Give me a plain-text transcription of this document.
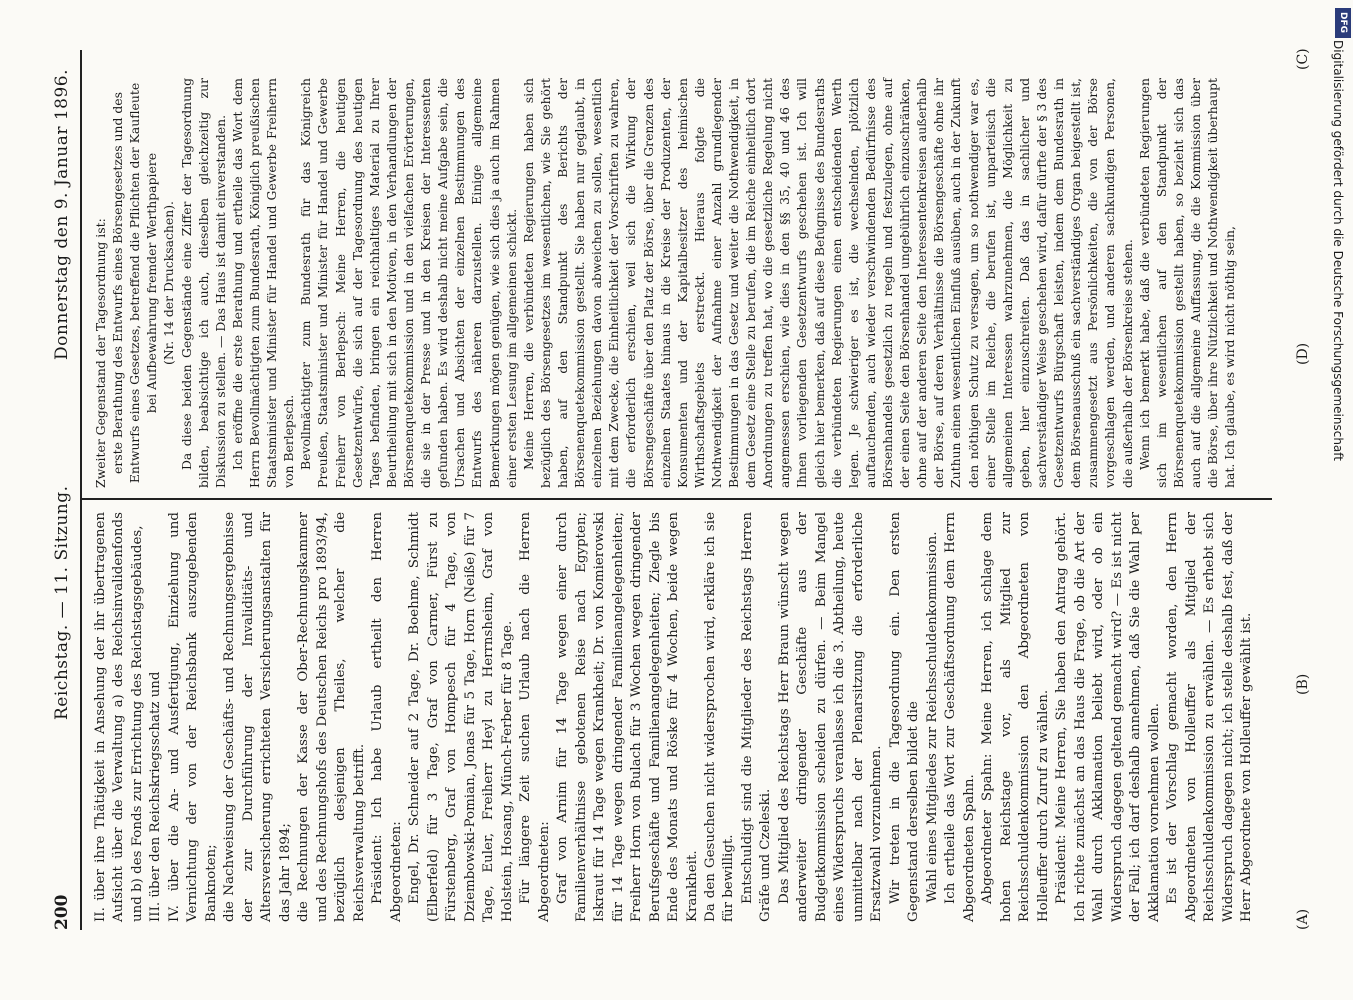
200
Reichstag. — 11. Sitzung.
Donnerstag den 9. Januar 1896.
(A)
(B)
(C)
(D)

II. über ihre Thätigkeit in Ansehung der ihr übertragenen Aufsicht über die Verwaltung a) des Reichsinvalidenfonds und b) des Fonds zur Errichtung des Reichstagsgebäudes, III. über den Reichskriegsschatz und IV. über die An- und Ausfertigung, Einziehung und Vernichtung der von der Reichsbank auszugebenden Banknoten; die Nachweisung der Geschäfts- und Rechnungsergebnisse der zur Durchführung der Invaliditäts- und Altersversicherung errichteten Versicherungsanstalten für das Jahr 1894; die Rechnungen der Kasse der Ober-Rechnungskammer und des Rechnungshofs des Deutschen Reichs pro 1893/94, bezüglich desjenigen Theiles, welcher die Reichsverwaltung betrifft. Präsident: Ich habe Urlaub ertheilt den Herren Abgeordneten: Engel, Dr. Schneider auf 2 Tage, Dr. Boehme, Schmidt (Elberfeld) für 3 Tage, Graf von Carmer, Fürst zu Fürstenberg, Graf von Hompesch für 4 Tage, von Dziembowski-Pomian, Jonas für 5 Tage, Horn (Neiße) für 7 Tage, Euler, Freiherr Heyl zu Herrnsheim, Graf von Holstein, Hosang, Münch-Ferber für 8 Tage. Für längere Zeit suchen Urlaub nach die Herren Abgeordneten: Graf von Arnim für 14 Tage wegen einer durch Familienverhältnisse gebotenen Reise nach Egypten; Iskraut für 14 Tage wegen Krankheit; Dr. von Komierowski für 14 Tage wegen dringender Familienangelegenheiten; Freiherr Horn von Bulach für 3 Wochen wegen dringender Berufsgeschäfte und Familienangelegenheiten; Ziegle bis Ende des Monats und Röske für 4 Wochen, beide wegen Krankheit. Da den Gesuchen nicht widersprochen wird, erkläre ich sie für bewilligt. Entschuldigt sind die Mitglieder des Reichstags Herren Gräfe und Czeleski. Das Mitglied des Reichstags Herr Braun wünscht wegen anderweiter dringender Geschäfte aus der Budgetkommission scheiden zu dürfen. — Beim Mangel eines Widerspruchs veranlasse ich die 3. Abtheilung, heute unmittelbar nach der Plenarsitzung die erforderliche Ersatzwahl vorzunehmen. Wir treten in die Tagesordnung ein. Den ersten Gegenstand derselben bildet die Wahl eines Mitgliedes zur Reichsschuldenkommission. Ich ertheile das Wort zur Geschäftsordnung dem Herrn Abgeordneten Spahn. Abgeordneter Spahn: Meine Herren, ich schlage dem hohen Reichstage vor, als Mitglied zur Reichsschuldenkommission den Abgeordneten von Holleuffer durch Zuruf zu wählen. Präsident: Meine Herren, Sie haben den Antrag gehört. Ich richte zunächst an das Haus die Frage, ob die Art der Wahl durch Akklamation beliebt wird, oder ob ein Widerspruch dagegen geltend gemacht wird? — Es ist nicht der Fall; ich darf deshalb annehmen, daß Sie die Wahl per Akklamation vornehmen wollen. Es ist der Vorschlag gemacht worden, den Herrn Abgeordneten von Holleuffer als Mitglied der Reichsschuldenkommission zu erwählen. — Es erhebt sich Widerspruch dagegen nicht; ich stelle deshalb fest, daß der Herr Abgeordnete von Holleuffer gewählt ist.

Zweiter Gegenstand der Tagesordnung ist: erste Berathung des Entwurfs eines Börsengesetzes und des Entwurfs eines Gesetzes, betreffend die Pflichten der Kaufleute bei Aufbewahrung fremder Werthpapiere (Nr. 14 der Drucksachen). Da diese beiden Gegenstände eine Ziffer der Tagesordnung bilden, beabsichtige ich auch, dieselben gleichzeitig zur Diskussion zu stellen. — Das Haus ist damit einverstanden. Ich eröffne die erste Berathung und ertheile das Wort dem Herrn Bevollmächtigten zum Bundesrath, Königlich preußischen Staatsminister und Minister für Handel und Gewerbe Freiherrn von Berlepsch. Bevollmächtigter zum Bundesrath für das Königreich Preußen, Staatsminister und Minister für Handel und Gewerbe Freiherr von Berlepsch: Meine Herren, die heutigen Gesetzentwürfe, die sich auf der Tagesordnung des heutigen Tages befinden, bringen ein reichhaltiges Material zu Ihrer Beurtheilung mit sich in den Motiven, in den Verhandlungen der Börsenenquetekommission und in den vielfachen Erörterungen, die sie in der Presse und in den Kreisen der Interessenten gefunden haben. Es wird deshalb nicht meine Aufgabe sein, die Ursachen und Absichten der einzelnen Bestimmungen des Entwurfs des näheren darzustellen. Einige allgemeine Bemerkungen mögen genügen, wie sich dies ja auch im Rahmen einer ersten Lesung im allgemeinen schickt. Meine Herren, die verbündeten Regierungen haben sich bezüglich des Börsengesetzes im wesentlichen, wie Sie gehört haben, auf den Standpunkt des Berichts der Börsenenquetekommission gestellt. Sie haben nur geglaubt, in einzelnen Beziehungen davon abweichen zu sollen, wesentlich mit dem Zwecke, die Einheitlichkeit der Vorschriften zu wahren, die erforderlich erschien, weil sich die Wirkung der Börsengeschäfte über den Platz der Börse, über die Grenzen des einzelnen Staates hinaus in die Kreise der Produzenten, der Konsumenten und der Kapitalbesitzer des heimischen Wirthschaftsgebiets erstreckt. Hieraus folgte die Nothwendigkeit der Aufnahme einer Anzahl grundlegender Bestimmungen in das Gesetz und weiter die Nothwendigkeit, in dem Gesetz eine Stelle zu berufen, die im Reiche einheitlich dort Anordnungen zu treffen hat, wo die gesetzliche Regelung nicht angemessen erschien, wie dies in den §§ 35, 40 und 46 des Ihnen vorliegenden Gesetzentwurfs geschehen ist. Ich will gleich hier bemerken, daß auf diese Befugnisse des Bundesraths die verbündeten Regierungen einen entscheidenden Werth legen. Je schwieriger es ist, die wechselnden, plötzlich auftauchenden, auch wieder verschwindenden Bedürfnisse des Börsenhandels gesetzlich zu regeln und festzulegen, ohne auf der einen Seite den Börsenhandel ungebührlich einzuschränken, ohne auf der anderen Seite den Interessentenkreisen außerhalb der Börse, auf deren Verhältnisse die Börsengeschäfte ohne ihr Zuthun einen wesentlichen Einfluß ausüben, auch in der Zukunft den nöthigen Schutz zu versagen, um so nothwendiger war es, einer Stelle im Reiche, die berufen ist, unparteiisch die allgemeinen Interessen wahrzunehmen, die Möglichkeit zu geben, hier einzuschreiten. Daß das in sachlicher und sachverständiger Weise geschehen wird, dafür dürfte der § 3 des Gesetzentwurfs Bürgschaft leisten, indem dem Bundesrath in dem Börsenausschuß ein sachverständiges Organ beigestellt ist, zusammengesetzt aus Persönlichkeiten, die von der Börse vorgeschlagen werden, und anderen sachkundigen Personen, die außerhalb der Börsenkreise stehen. Wenn ich bemerkt habe, daß die verbündeten Regierungen sich im wesentlichen auf den Standpunkt der Börsenenquetekommission gestellt haben, so bezieht sich das auch auf die allgemeine Auffassung, die die Kommission über die Börse, über ihre Nützlichkeit und Nothwendigkeit überhaupt hat. Ich glaube, es wird nicht nöthig sein,

DFG
Digitalisierung gefördert durch die Deutsche Forschungsgemeinschaft
